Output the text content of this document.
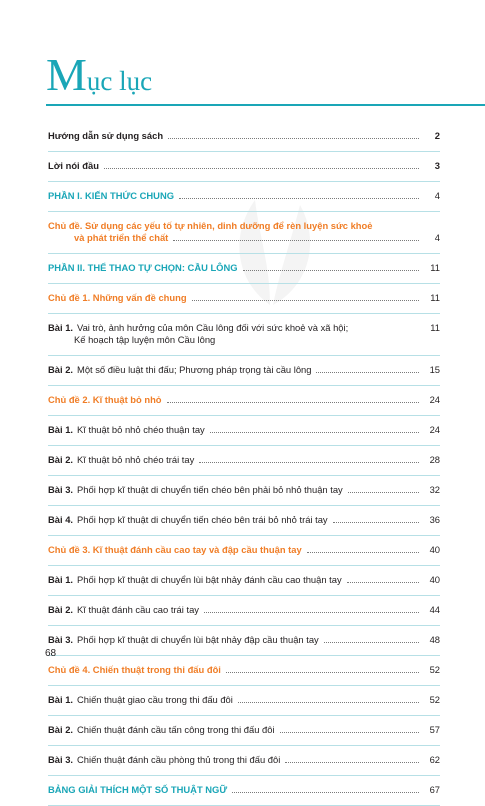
Mục lục
Hướng dẫn sử dụng sách	2
Lời nói đầu	3
PHẦN I. KIẾN THỨC CHUNG	4
Chủ đề. Sử dụng các yếu tố tự nhiên, dinh dưỡng để rèn luyện sức khoẻ
và phát triển thể chất	4
PHẦN II. THỂ THAO TỰ CHỌN: CẦU LÔNG	11
Chủ đề 1. Những vấn đề chung	11
Bài 1. Vai trò, ảnh hưởng của môn Cầu lông đối với sức khoẻ và xã hội;	11
Kế hoạch tập luyện môn Cầu lông
Bài 2. Một số điều luật thi đấu; Phương pháp trọng tài cầu lông	15
Chủ đề 2. Kĩ thuật bỏ nhỏ	24
Bài 1. Kĩ thuật bỏ nhỏ chéo thuận tay	24
Bài 2. Kĩ thuật bỏ nhỏ chéo trái tay	28
Bài 3. Phối hợp kĩ thuật di chuyển tiến chéo bên phải bỏ nhỏ thuận tay	32
Bài 4. Phối hợp kĩ thuật di chuyển tiến chéo bên trái bỏ nhỏ trái tay	36
Chủ đề 3. Kĩ thuật đánh cầu cao tay và đập cầu thuận tay	40
Bài 1. Phối hợp kĩ thuật di chuyển lùi bật nhảy đánh cầu cao thuận tay	40
Bài 2. Kĩ thuật đánh cầu cao trái tay	44
Bài 3. Phối hợp kĩ thuật di chuyển lùi bật nhảy đập cầu thuận tay	48
Chủ đề 4. Chiến thuật trong thi đấu đôi	52
Bài 1. Chiến thuật giao cầu trong thi đấu đôi	52
Bài 2. Chiến thuật đánh cầu tấn công trong thi đấu đôi	57
Bài 3. Chiến thuật đánh cầu phòng thủ trong thi đấu đôi	62
BẢNG GIẢI THÍCH MỘT SỐ THUẬT NGỮ	67
68
